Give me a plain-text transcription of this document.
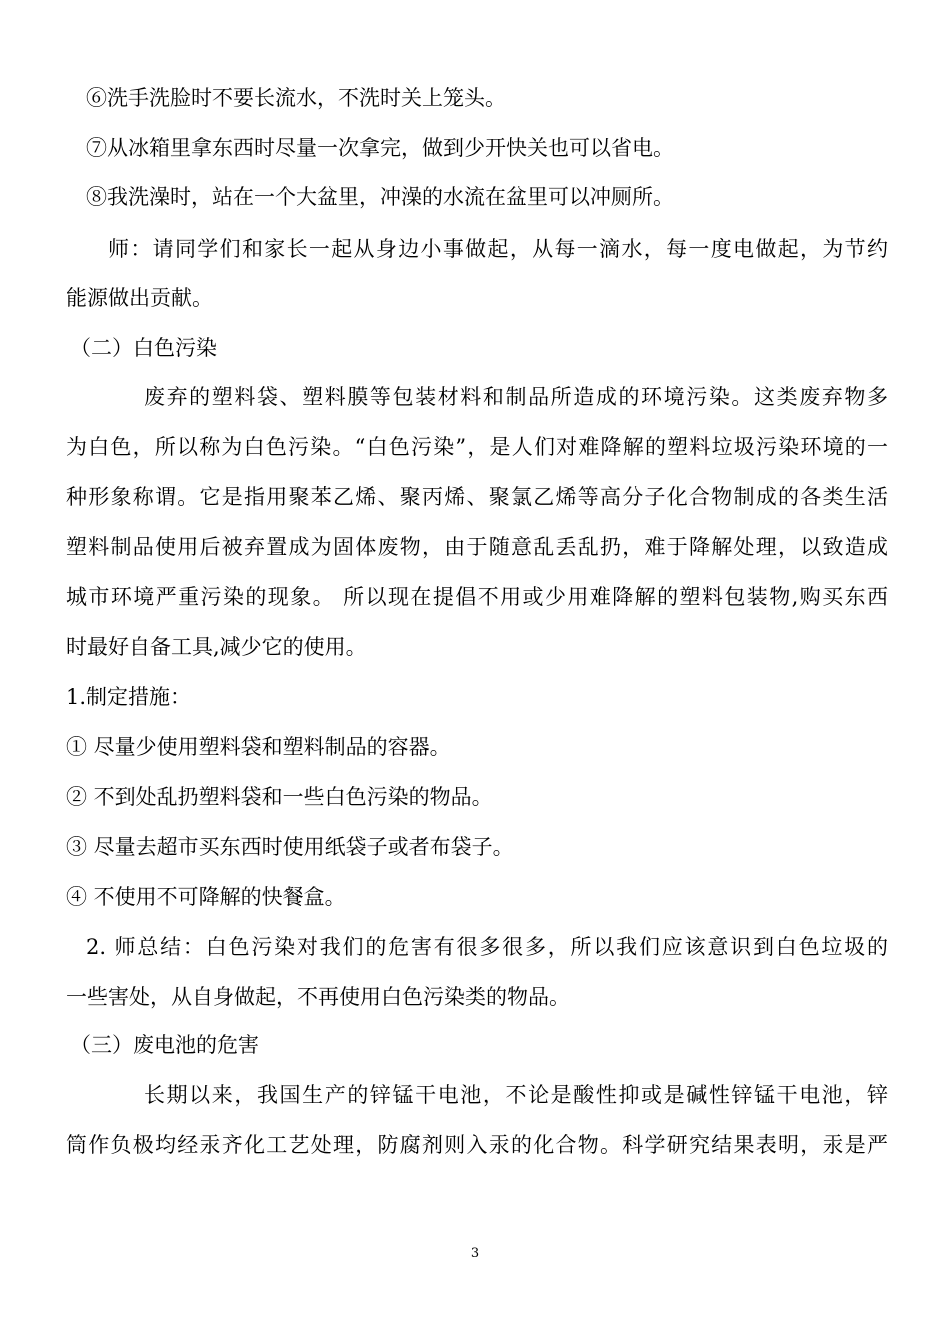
⑥洗手洗脸时不要长流水，不洗时关上笼头。
⑦从冰箱里拿东西时尽量一次拿完，做到少开快关也可以省电。
⑧我洗澡时，站在一个大盆里，冲澡的水流在盆里可以冲厕所。
师：请同学们和家长一起从身边小事做起，从每一滴水，每一度电做起，为节约
能源做出贡献。
（二）白色污染
废弃的塑料袋、塑料膜等包装材料和制品所造成的环境污染。这类废弃物多
为白色，所以称为白色污染。“白色污染”，是人们对难降解的塑料垃圾污染环境的一
种形象称谓。它是指用聚苯乙烯、聚丙烯、聚氯乙烯等高分子化合物制成的各类生活
塑料制品使用后被弃置成为固体废物，由于随意乱丢乱扔，难于降解处理，以致造成
城市环境严重污染的现象。 所以现在提倡不用或少用难降解的塑料包装物,购买东西
时最好自备工具,减少它的使用。
1.制定措施：
① 尽量少使用塑料袋和塑料制品的容器。
② 不到处乱扔塑料袋和一些白色污染的物品。
③ 尽量去超市买东西时使用纸袋子或者布袋子。
④ 不使用不可降解的快餐盒。
2. 师总结：白色污染对我们的危害有很多很多，所以我们应该意识到白色垃圾的
一些害处，从自身做起，不再使用白色污染类的物品。
（三）废电池的危害
长期以来，我国生产的锌锰干电池，不论是酸性抑或是碱性锌锰干电池，锌
筒作负极均经汞齐化工艺处理，防腐剂则入汞的化合物。科学研究结果表明，汞是严
3
